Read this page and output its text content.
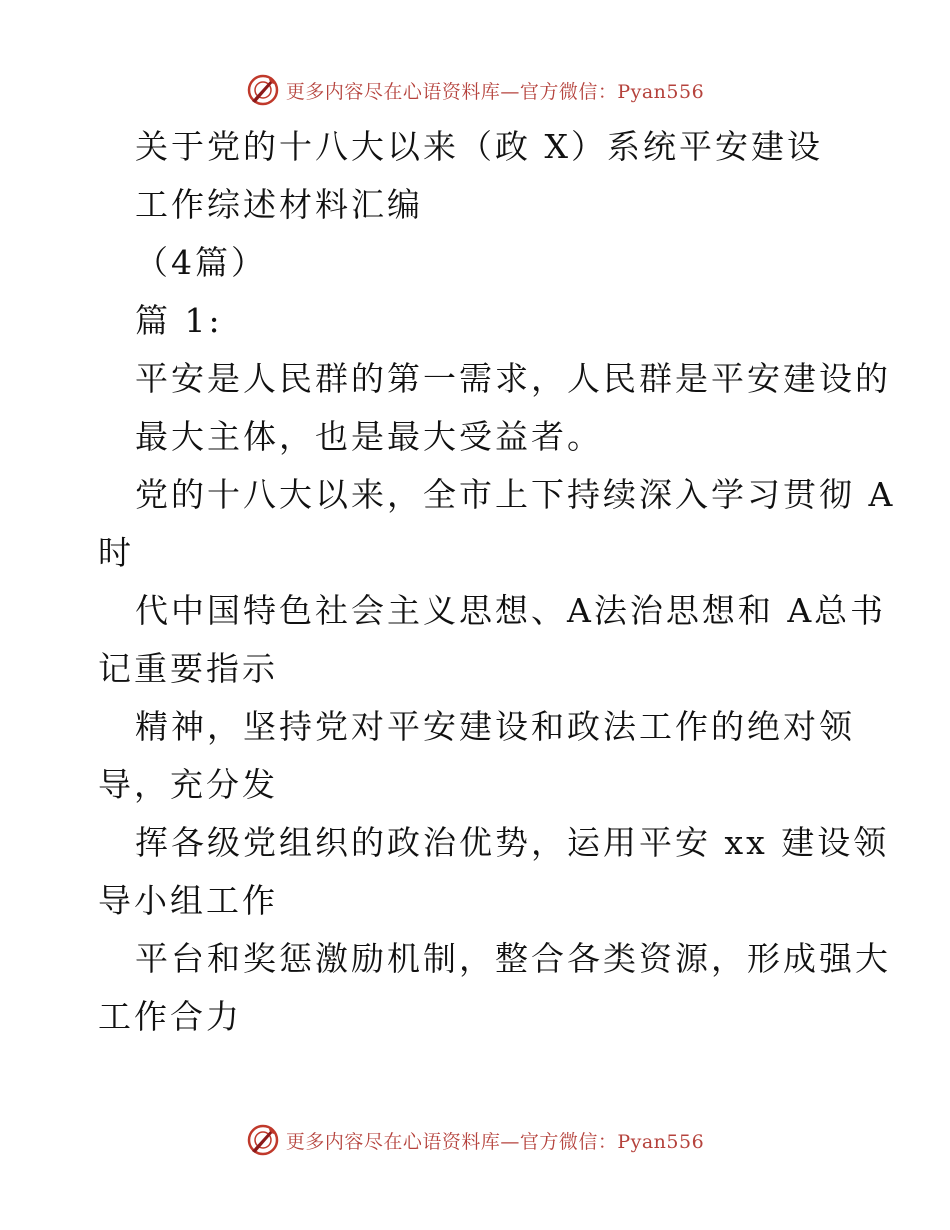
更多内容尽在心语资料库—官方微信：Pyan556
关于党的十八大以来（政 X）系统平安建设
工作综述材料汇编
（4篇）
篇 1:
平安是人民群的第一需求，人民群是平安建设的
最大主体，也是最大受益者。
党的十八大以来，全市上下持续深入学习贯彻 A
时
代中国特色社会主义思想、A法治思想和 A总书
记重要指示
精神，坚持党对平安建设和政法工作的绝对领
导，充分发
挥各级党组织的政治优势，运用平安 xx 建设领
导小组工作
平台和奖惩激励机制，整合各类资源，形成强大
工作合力
更多内容尽在心语资料库—官方微信：Pyan556
